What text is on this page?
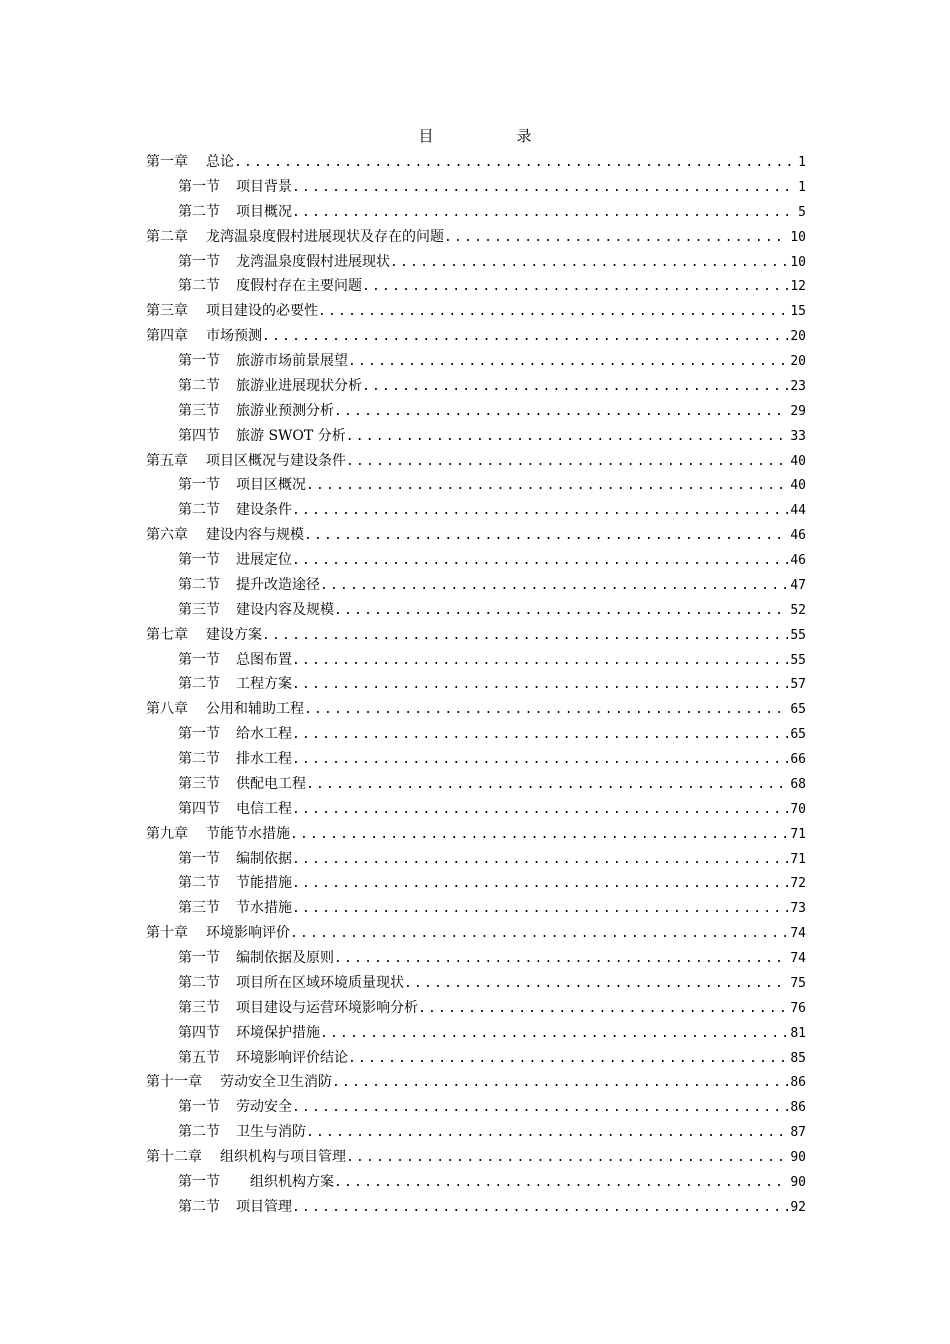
目　录
第一章 总论 .....	1
第一节 项目背景 .....	1
第二节 项目概况 .....	5
第二章 龙湾温泉度假村进展现状及存在的问题 .....	10
第一节 龙湾温泉度假村进展现状 .....	10
第二节 度假村存在主要问题 .....	12
第三章 项目建设的必要性 .....	15
第四章 市场预测 .....	20
第一节 旅游市场前景展望 .....	20
第二节 旅游业进展现状分析 .....	23
第三节 旅游业预测分析 .....	29
第四节 旅游 SWOT 分析 .....	33
第五章 项目区概况与建设条件 .....	40
第一节 项目区概况 .....	40
第二节 建设条件 .....	44
第六章 建设内容与规模 .....	46
第一节 进展定位 .....	46
第二节 提升改造途径 .....	47
第三节 建设内容及规模 .....	52
第七章 建设方案 .....	55
第一节 总图布置 .....	55
第二节 工程方案 .....	57
第八章 公用和辅助工程 .....	65
第一节 给水工程 .....	65
第二节 排水工程 .....	66
第三节 供配电工程 .....	68
第四节 电信工程 .....	70
第九章 节能节水措施 .....	71
第一节 编制依据 .....	71
第二节 节能措施 .....	72
第三节 节水措施 .....	73
第十章 环境影响评价 .....	74
第一节 编制依据及原则 .....	74
第二节 项目所在区域环境质量现状 .....	75
第三节 项目建设与运营环境影响分析 .....	76
第四节 环境保护措施 .....	81
第五节 环境影响评价结论 .....	85
第十一章 劳动安全卫生消防 .....	86
第一节 劳动安全 .....	86
第二节 卫生与消防 .....	87
第十二章 组织机构与项目管理 .....	90
第一节　组织机构方案 .....	90
第二节 项目管理 .....	92
